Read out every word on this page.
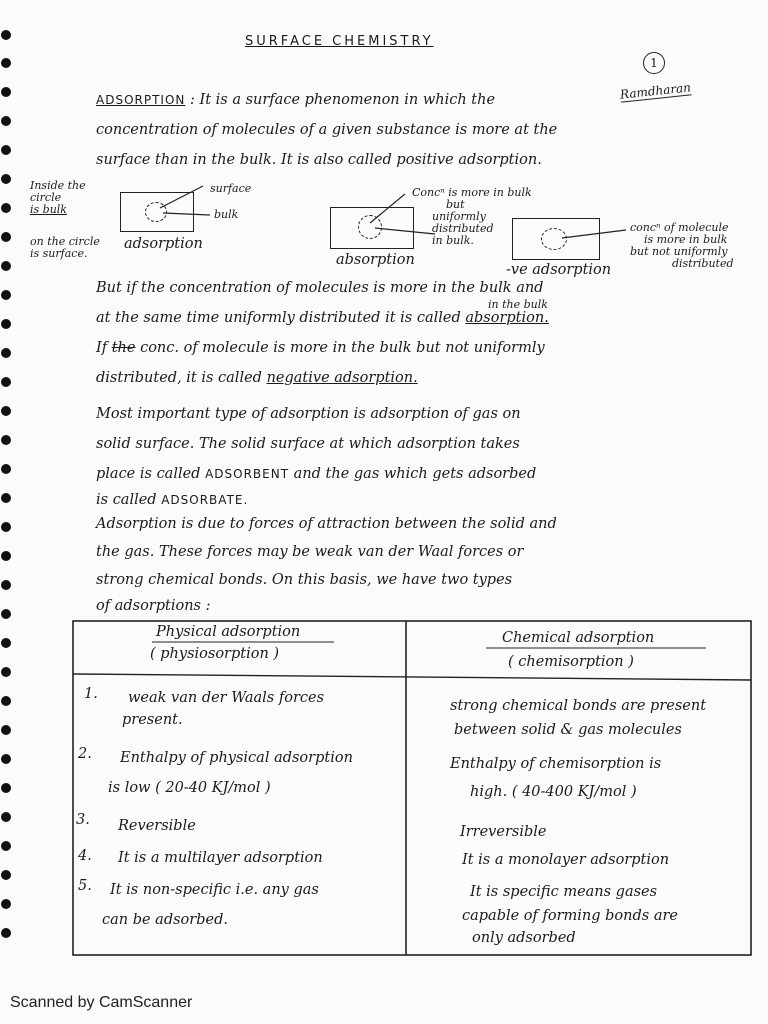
SURFACE CHEMISTRY
1
Ramdharan
ADSORPTION : It is a surface phenomenon in which the
concentration of molecules of a given substance is more at the
surface than in the bulk. It is also called positive adsorption.
Inside the
circle
is bulk
surface
bulk
on the circle
is surface.
adsorption
Concⁿ is more in bulk
but
uniformly
distributed
in bulk.
absorption
concⁿ of molecule
is more in bulk
but not uniformly
distributed
-ve adsorption
But if the concentration of molecules is more in the bulk and
in the bulk
at the same time uniformly distributed it is called absorption.
If the conc. of molecule is more in the bulk but not uniformly
distributed, it is called negative adsorption.
Most important type of adsorption is adsorption of gas on
solid surface. The solid surface at which adsorption takes
place is called ADSORBENT and the gas which gets adsorbed
is called ADSORBATE.
Adsorption is due to forces of attraction between the solid and
the gas. These forces may be weak van der Waal forces or
strong chemical bonds. On this basis, we have two types
of adsorptions :
Physical adsorption
( physiosorption )
Chemical adsorption
( chemisorption )
1. weak van der Waals forces
present.
strong chemical bonds are present
between solid & gas molecules
2. Enthalpy of physical adsorption
is low ( 20-40 KJ/mol )
Enthalpy of chemisorption is
high. ( 40-400 KJ/mol )
3. Reversible	Irreversible
4. It is a multilayer adsorption	It is a monolayer adsorption
5. It is non-specific i.e. any gas
can be adsorbed.
It is specific means gases
capable of forming bonds are
only adsorbed
Scanned by CamScanner
